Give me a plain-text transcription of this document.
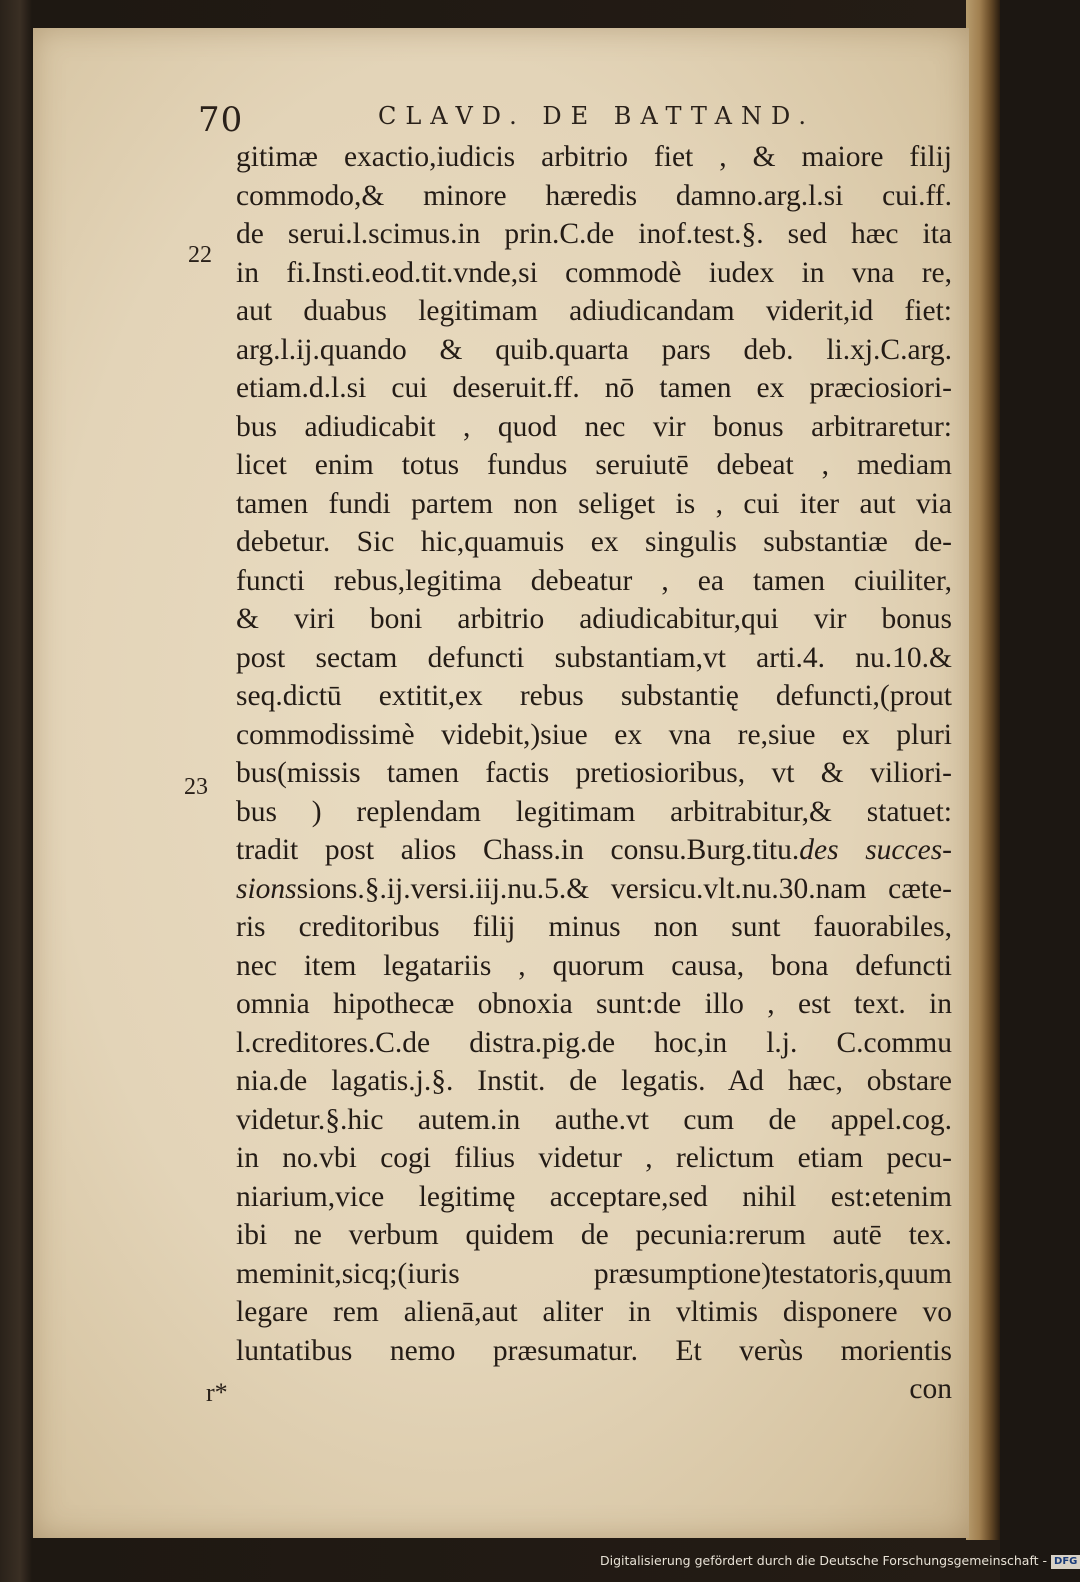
70	CLAVD. DE BATTAND.
22
23
gitimæ exactio,iudicis arbitrio fiet , & maiore filij
commodo,& minore hæredis damno.arg.l.si cui.ff.
de serui.l.scimus.in prin.C.de inof.test.§. sed hæc ita
in fi.Insti.eod.tit.vnde,si commodè iudex in vna re,
aut duabus legitimam adiudicandam viderit,id fiet:
arg.l.ij.quando & quib.quarta pars deb. li.xj.C.arg.
etiam.d.l.si cui deseruit.ff. nō tamen ex præciosiori-
bus adiudicabit , quod nec vir bonus arbitraretur:
licet enim totus fundus seruiutē debeat , mediam
tamen fundi partem non seliget is , cui iter aut via
debetur. Sic hic,quamuis ex singulis substantiæ de-
functi rebus,legitima debeatur , ea tamen ciuiliter,
& viri boni arbitrio adiudicabitur,qui vir bonus
post sectam defuncti substantiam,vt arti.4. nu.10.&
seq.dictū extitit,ex rebus substantię defuncti,(prout
commodissimè videbit,)siue ex vna re,siue ex pluri
bus(missis tamen factis pretiosioribus, vt & viliori-
bus ) replendam legitimam arbitrabitur,& statuet:
tradit post alios Chass.in consu.Burg.titu.des succes-
sionssions.§.ij.versi.iij.nu.5.& versicu.vlt.nu.30.nam cæte-
ris creditoribus filij minus non sunt fauorabiles,
nec item legatariis , quorum causa, bona defuncti
omnia hipothecæ obnoxia sunt:de illo , est text. in
l.creditores.C.de distra.pig.de hoc,in l.j. C.commu
nia.de lagatis.j.§. Instit. de legatis. Ad hæc, obstare
videtur.§.hic autem.in authe.vt cum de appel.cog.
in no.vbi cogi filius videtur , relictum etiam pecu-
niarium,vice legitimę acceptare,sed nihil est:etenim
ibi ne verbum quidem de pecunia:rerum autē tex.
meminit,sicq;(iuris præsumptione)testatoris,quum
legare rem alienā,aut aliter in vltimis disponere vo
luntatibus nemo præsumatur. Et verùs morientis
con
r*
Digitalisierung gefördert durch die Deutsche Forschungsgemeinschaft - DFG
